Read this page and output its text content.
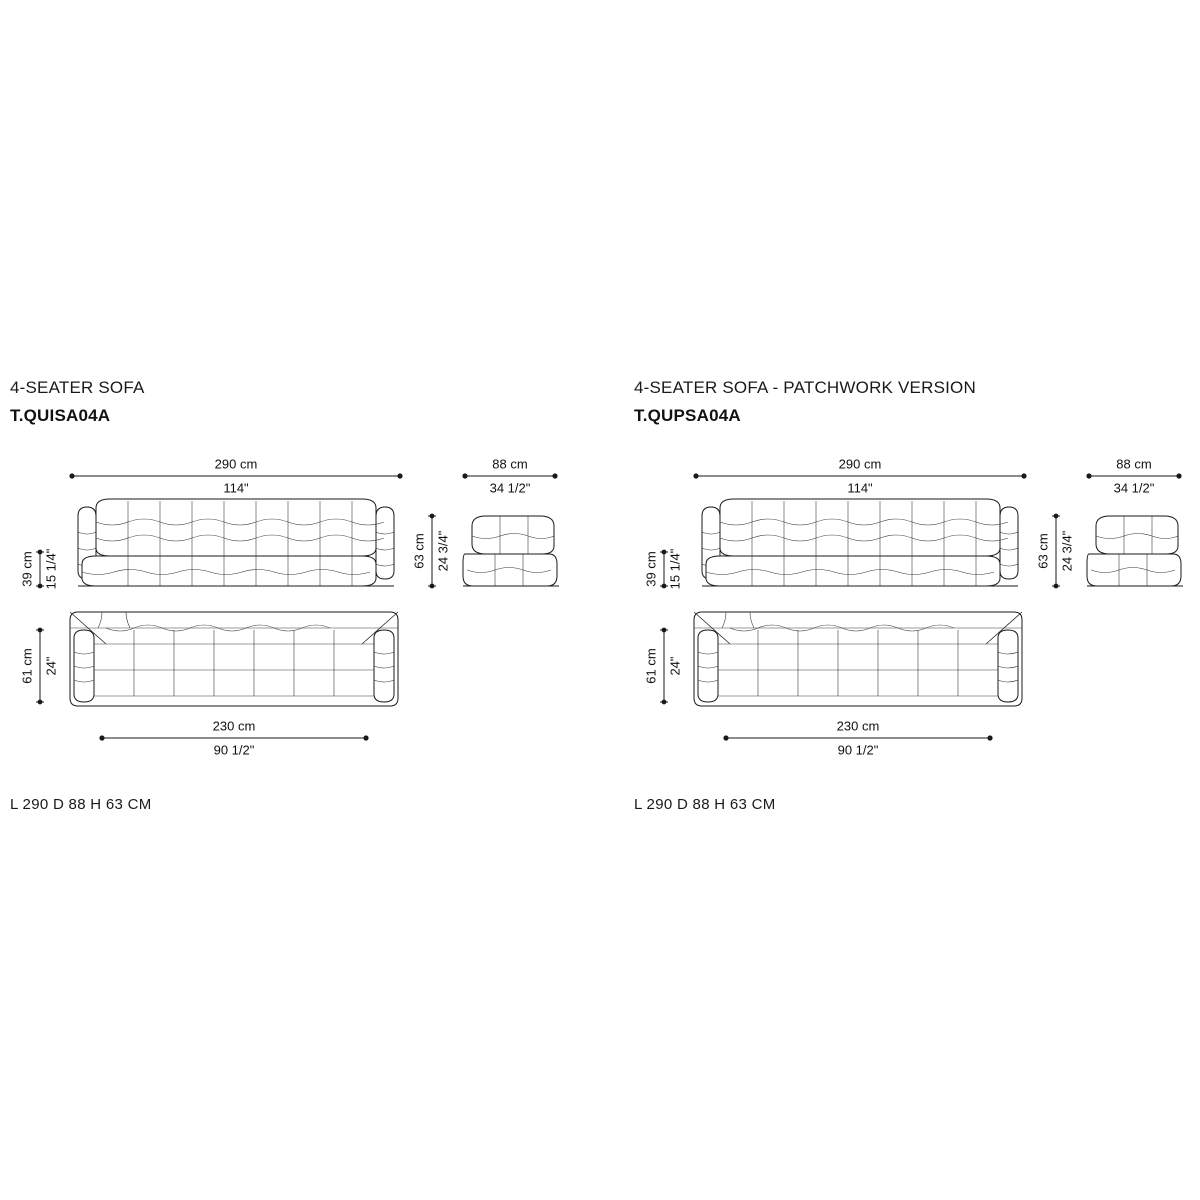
4-SEATER SOFA
T.QUISA04A
290 cm
114"
39 cm 15 1/4"
88 cm
34 1/2"
63 cm 24 3/4"
61 cm 24"
230 cm
90 1/2"
L 290 D 88 H 63 CM
4-SEATER SOFA - PATCHWORK VERSION
T.QUPSA04A
290 cm
114"
39 cm 15 1/4"
88 cm
34 1/2"
63 cm 24 3/4"
61 cm 24"
230 cm
90 1/2"
L 290 D 88 H 63 CM
